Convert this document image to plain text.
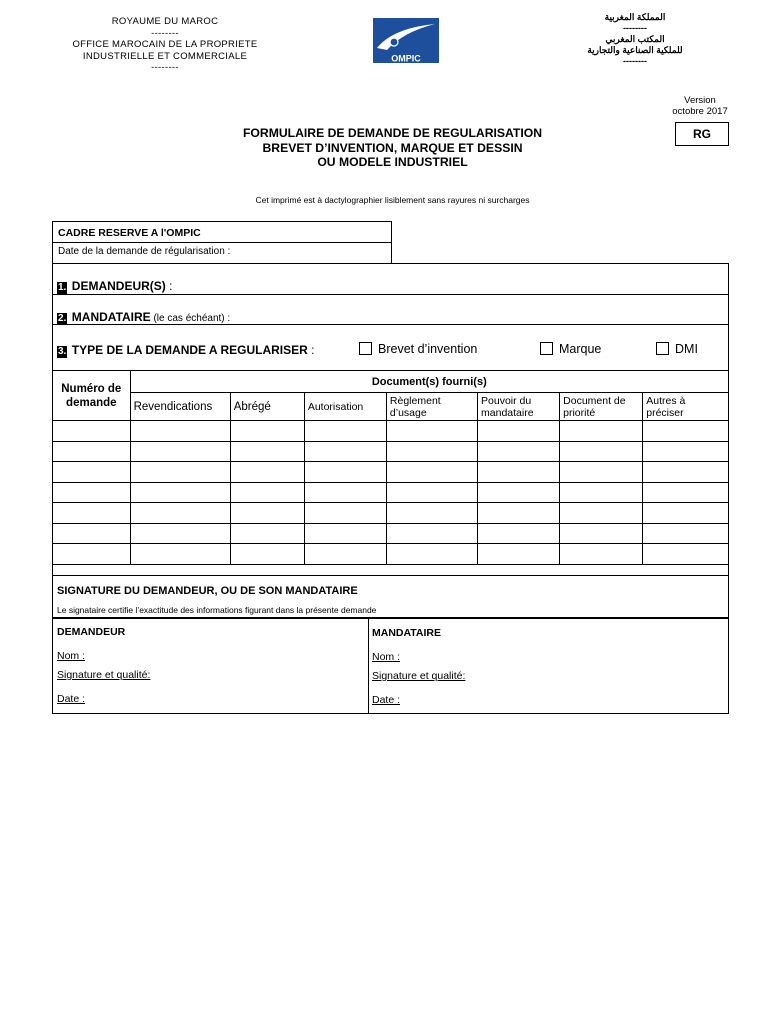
ROYAUME DU MAROC
--------
OFFICE MAROCAIN DE LA PROPRIETE
INDUSTRIELLE ET COMMERCIALE
--------
OMPIC
المملكة المغربية
--------
المكتب المغربي
للملكية الصناعية والتجارية
--------
Version
octobre 2017
RG
FORMULAIRE DE DEMANDE DE REGULARISATION
BREVET D’INVENTION, MARQUE ET DESSIN
OU MODELE INDUSTRIEL
Cet imprimé est à dactylographier lisiblement sans rayures ni surcharges
CADRE RESERVE A l'OMPIC
Date de la demande de régularisation :
1. DEMANDEUR(S) :
2. MANDATAIRE (le cas échéant) :
3. TYPE DE LA DEMANDE A REGULARISER :	Brevet d’invention	Marque	DMI
Numéro de demande	Document(s) fourni(s)						
	Revendications	Abrégé	Autorisation	Règlement d’usage	Pouvoir du mandataire	Document de priorité	Autres à préciser

SIGNATURE DU DEMANDEUR, OU DE SON MANDATAIRE
Le signataire certifie l’exactitude des informations figurant dans la présente demande
DEMANDEUR
Nom :
Signature et qualité:
Date :
MANDATAIRE
Nom :
Signature et qualité:
Date :
